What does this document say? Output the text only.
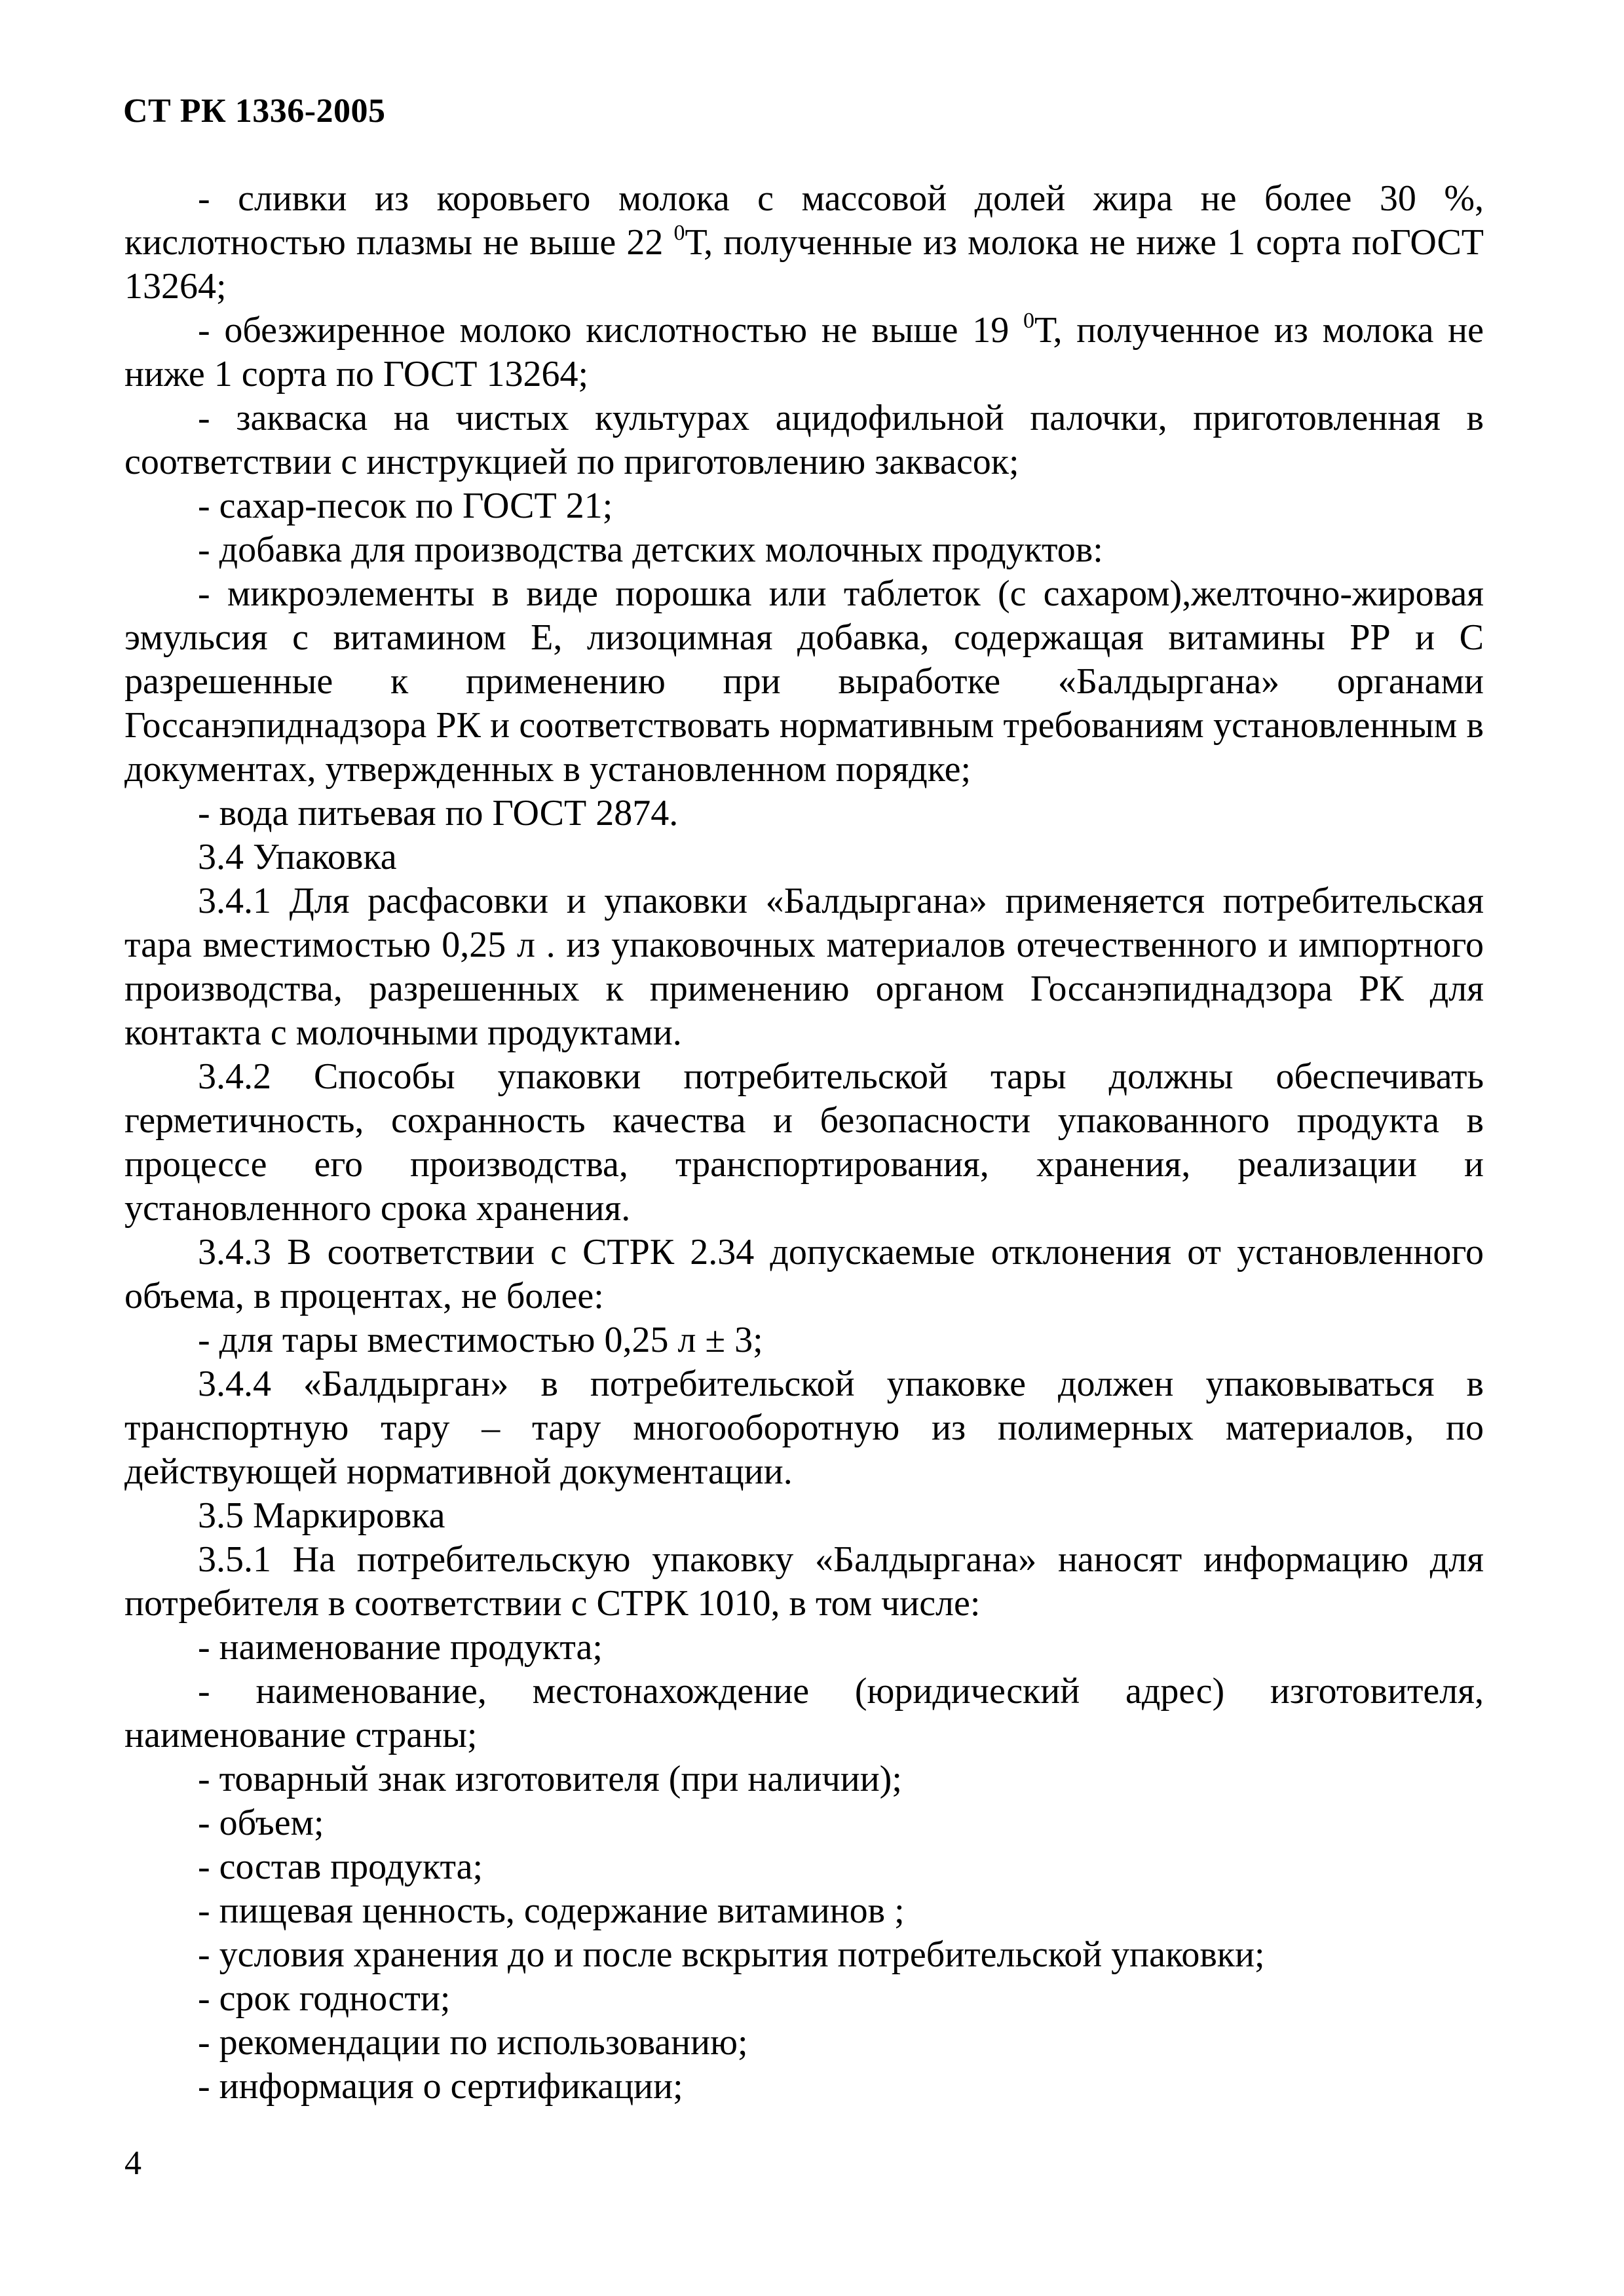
СТ РК 1336-2005

- сливки из коровьего молока с массовой долей жира не более 30 %, кислотностью плазмы не выше 22 $^0$Т, полученные из молока не ниже 1 сорта поГОСТ 13264;

- обезжиренное молоко кислотностью не выше 19 $^0$Т, полученное из молока не ниже 1 сорта по ГОСТ 13264;

- закваска на чистых культурах ацидофильной палочки, приготовленная в соответствии с инструкцией по приготовлению заквасок;

- сахар-песок по ГОСТ 21;

- добавка для производства детских молочных продуктов:

- микроэлементы в виде порошка или таблеток (с сахаром),желточно-жировая эмульсия с витамином Е, лизоцимная добавка, содержащая витамины РР и С разрешенные к применению при выработке «Балдыргана» органами Госсанэпиднадзора РК и соответствовать нормативным требованиям установленным в документах, утвержденных в установленном порядке;

- вода питьевая по ГОСТ 2874.

3.4 Упаковка

3.4.1 Для расфасовки и упаковки «Балдыргана» применяется потребительская тара вместимостью 0,25 л . из упаковочных материалов отечественного и импортного производства, разрешенных к применению органом Госсанэпиднадзора РК для контакта с молочными продуктами.

3.4.2 Способы упаковки потребительской тары должны обеспечивать герметичность, сохранность качества и безопасности упакованного продукта в процессе его производства, транспортирования, хранения, реализации и установленного срока хранения.

3.4.3 В соответствии с СТРК 2.34 допускаемые отклонения от установленного объема, в процентах, не более:

- для тары вместимостью 0,25 л ± 3;

3.4.4 «Балдырган» в потребительской упаковке должен упаковываться в транспортную тару – тару многооборотную из полимерных материалов, по действующей нормативной документации.

3.5 Маркировка

3.5.1 На потребительскую упаковку «Балдыргана» наносят информацию для потребителя в соответствии с СТРК 1010, в том числе:

- наименование продукта;

- наименование, местонахождение (юридический адрес) изготовителя, наименование страны;

- товарный знак изготовителя (при наличии);

- объем;

- состав продукта;

- пищевая ценность, содержание витаминов ;

- условия хранения до и после вскрытия потребительской упаковки;

- срок годности;

- рекомендации по использованию;

- информация о сертификации;

4
